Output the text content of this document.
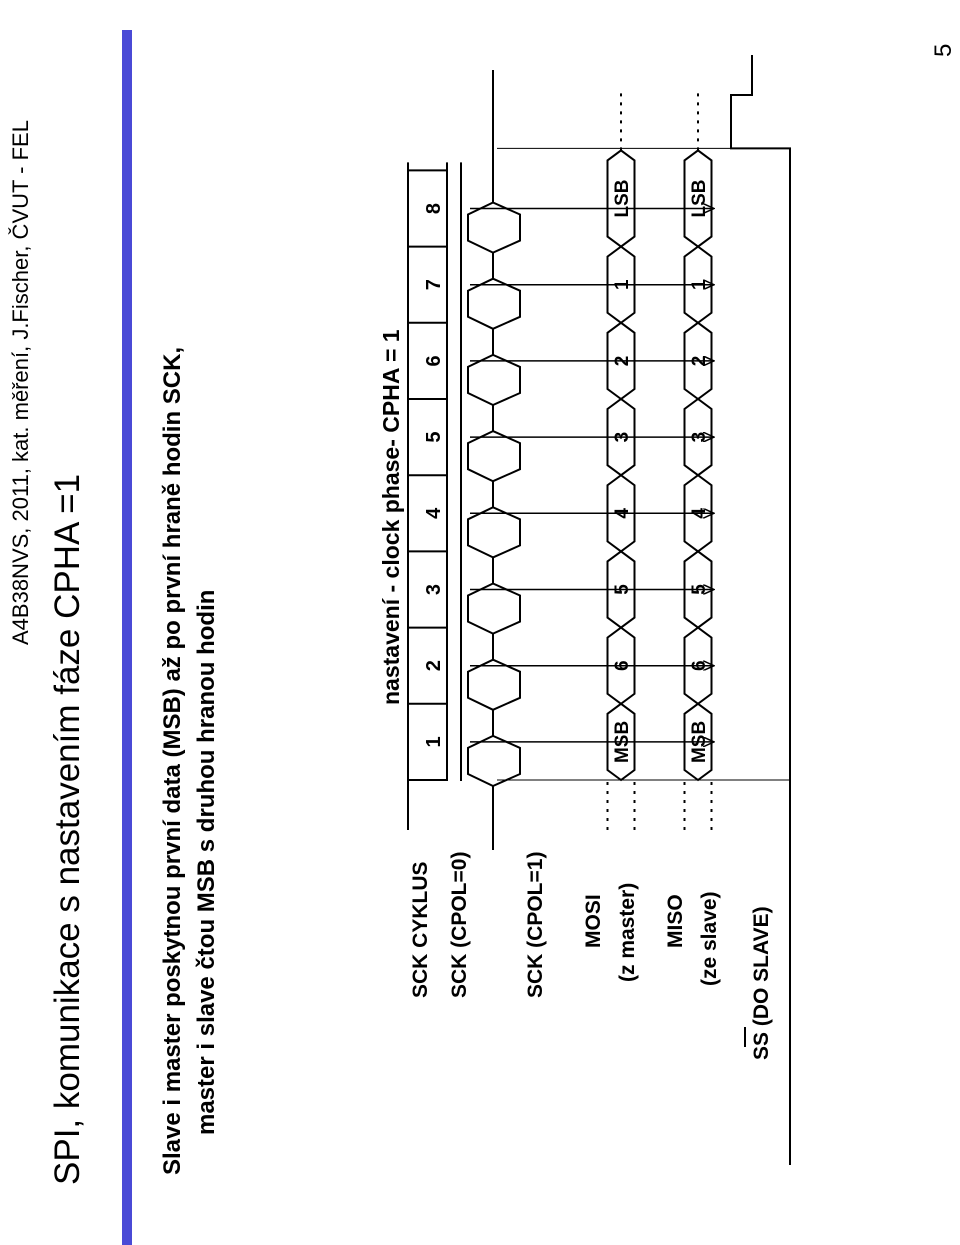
A4B38NVS, 2011, kat. měření, J.Fischer, ČVUT - FEL
5
SPI, komunikace s nastavením fáze CPHA =1	Slave i master poskytnou první data (MSB) až po první hraně hodin SCK, master i slave čtou MSB s druhou hranou hodin
nastavení - clock phase- CPHA = 1
SCK CYKLUS SCK (CPOL=0)	SCK (CPOL=1) MOSI (z master) MISO (ze slave) SS (DO SLAVE)
1
2
3
4
5
6
7
8
MSB
6
5
4
3
2
1
LSB
MSB
6
5
4
3
2
1
LSB
